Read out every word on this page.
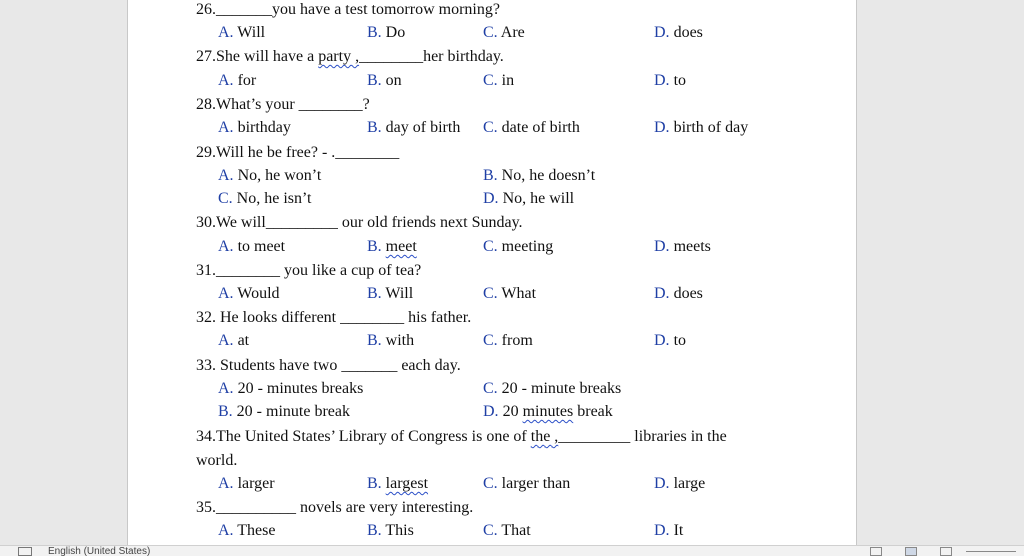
26._______you have a test tomorrow morning?
A. Will	B. Do	C. Are	D. does
27.She will have a party ,________her birthday.
A. for	B. on	C. in	D. to
28.What’s your ________?
A. birthday	B. day of birth C. date of birth	D. birth of day
29.Will he be free? - .________
A. No, he won’t	B. No, he doesn’t
C. No, he isn’t	D. No, he will
30.We will_________ our old friends next Sunday.
A. to meet	B. meet	C. meeting	D. meets
31.________ you like a cup of tea?
A. Would	B. Will	C. What	D. does
32. He looks different ________ his father.
A. at	B. with	C. from	D. to
33. Students have two _______ each day.
A. 20 - minutes breaks	C. 20 - minute breaks
B. 20 - minute break	D. 20 minutes break
34.The United States’ Library of Congress is one of the ,_________ libraries in the
world.
A. larger	B. largest	C. larger than	D. large
35.__________ novels are very interesting.
A. These	B. This	C. That	D. It
English (United States)
